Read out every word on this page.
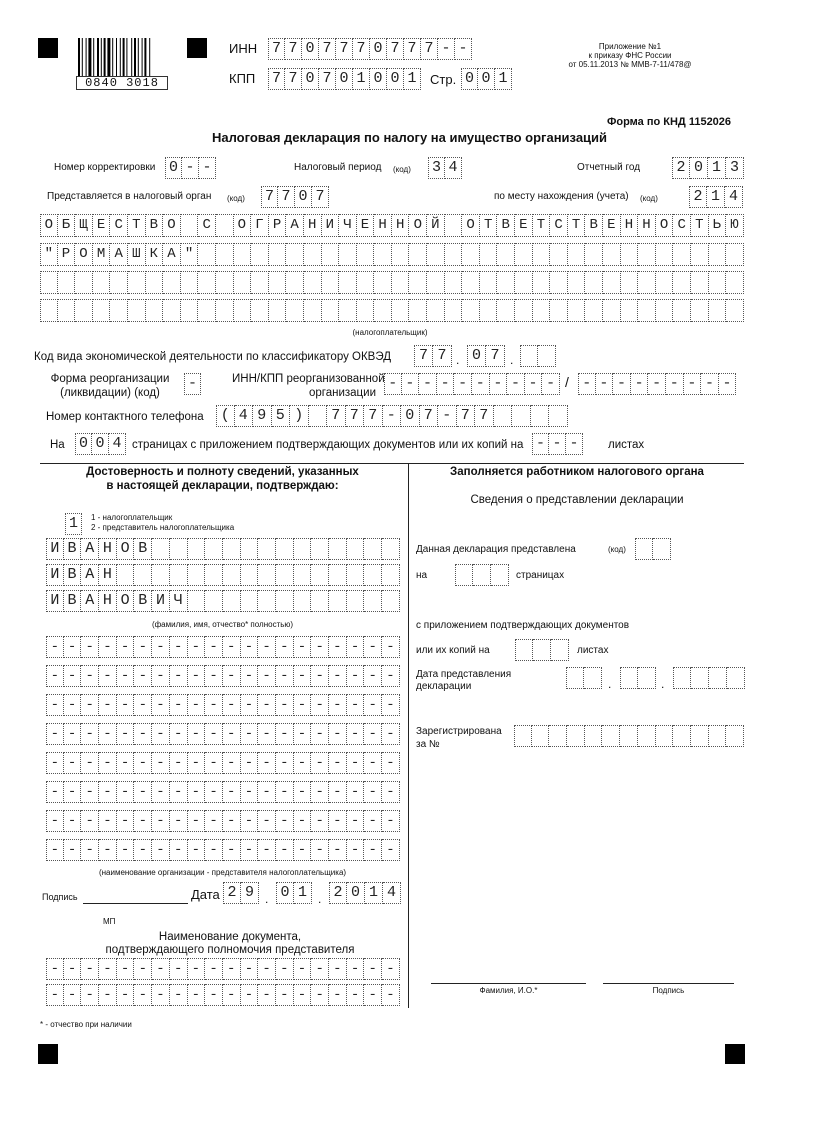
0840 3018
ИНН 7 7 0 7 7 7 0 7 7 7 - -
КПП 7 7 0 7 0 1 0 0 1	Стр. 0 0 1
Приложение №1
к приказу ФНС России
от 05.11.2013 № ММВ-7-11/478@
Форма по КНД 1152026
Налоговая декларация по налогу на имущество организаций
Номер корректировки 0 - -	Налоговый период (код) 3 4	Отчетный год 2 0 1 3
Представляется в налоговый орган (код) 7 7 0 7	по месту нахождения (учета) (код) 2 1 4
О Б Щ Е С Т В О	С	О Г Р А Н И Ч Е Н Н О Й	О Т В Е Т С Т В Е Н Н О С Т Ь Ю
" Р О М А Ш К А "
(налогоплательщик)
Код вида экономической деятельности по классификатору ОКВЭД	7 7 . 0 7 .
Форма реорганизации
(ликвидации) (код)
-	ИНН/КПП реорганизованной
организации
- - - - - - - - - - / - - - - - - - - -
Номер контактного телефона	( 4 9 5 )	7 7 7 - 0 7 - 7 7
На 0 0 4 страницах с приложением подтверждающих документов или их копий на - - -	листах
Достоверность и полноту сведений, указанных
в настоящей декларации, подтверждаю:
1	1 - налогоплательщик
2 - представитель налогоплательщика
И В А Н О В
И В А Н
И В А Н О В И Ч
(фамилия, имя, отчество* полностью)
- - - - - - - - - - - - - - - - - - - -
- - - - - - - - - - - - - - - - - - - -
- - - - - - - - - - - - - - - - - - - -
- - - - - - - - - - - - - - - - - - - -
- - - - - - - - - - - - - - - - - - - -
- - - - - - - - - - - - - - - - - - - -
- - - - - - - - - - - - - - - - - - - -
- - - - - - - - - - - - - - - - - - - -
(наименование организации - представителя налогоплательщика)
Подпись	Дата 2 9 . 0 1 . 2 0 1 4
МП
Наименование документа,
подтверждающего полномочия представителя
- - - - - - - - - - - - - - - - - - - -
- - - - - - - - - - - - - - - - - - - -
Заполняется работником налогового органа
Сведения о представлении декларации
Данная декларация представлена	(код)
на	страницах
с приложением подтверждающих документов
или их копий на	листах
Дата представления
декларации	.	.
Зарегистрирована
за №
Фамилия, И.О.*	Подпись
* - отчество при наличии
